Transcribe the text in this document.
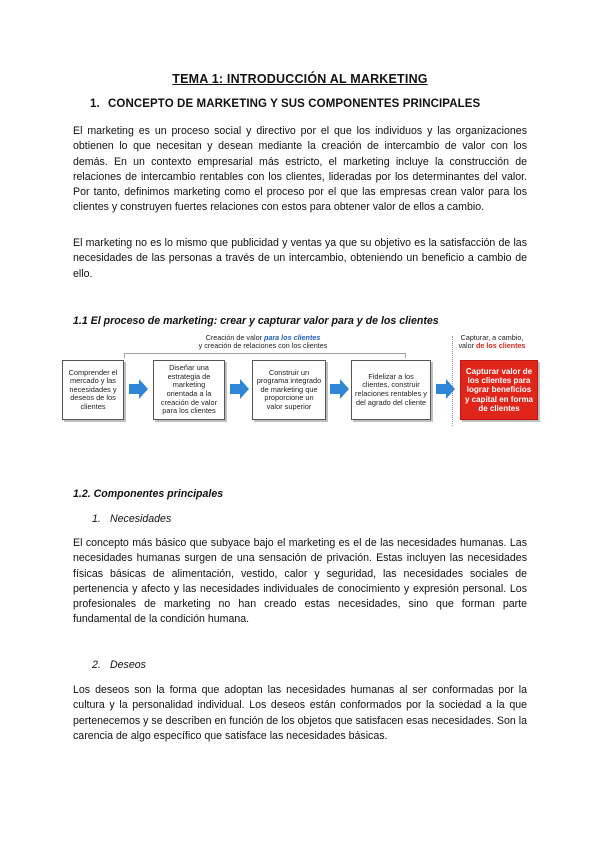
TEMA 1: INTRODUCCIÓN AL MARKETING
1. CONCEPTO DE MARKETING Y SUS COMPONENTES PRINCIPALES

El marketing es un proceso social y directivo por el que los individuos y las organizaciones obtienen lo que necesitan y desean mediante la creación de intercambio de valor con los demás. En un contexto empresarial más estricto, el marketing incluye la construcción de relaciones de intercambio rentables con los clientes, lideradas por los determinantes del valor. Por tanto, definimos marketing como el proceso por el que las empresas crean valor para los clientes y construyen fuertes relaciones con estos para obtener valor de ellos a cambio.

El marketing no es lo mismo que publicidad y ventas ya que su objetivo es la satisfacción de las necesidades de las personas a través de un intercambio, obteniendo un beneficio a cambio de ello.

1.1 El proceso de marketing: crear y capturar valor para y de los clientes
Creación de valor para los clientes
y creación de relaciones con los clientes
Capturar, a cambio,
valor de los clientes
Comprender el mercado y las necesidades y deseos de los clientes
Diseñar una estrategia de marketing orientada a la creación de valor para los clientes
Construir un programa integrado de marketing que proporcione un valor superior
Fidelizar a los clientes, construir relaciones rentables y del agrado del cliente
Capturar valor de los clientes para lograr beneficios y capital en forma de clientes
1.2. Componentes principales
1. Necesidades

El concepto más básico que subyace bajo el marketing es el de las necesidades humanas. Las necesidades humanas surgen de una sensación de privación. Estas incluyen las necesidades físicas básicas de alimentación, vestido, calor y seguridad, las necesidades sociales de pertenencia y afecto y las necesidades individuales de conocimiento y expresión personal. Los profesionales de marketing no han creado estas necesidades, sino que forman parte fundamental de la condición humana.

2. Deseos

Los deseos son la forma que adoptan las necesidades humanas al ser conformadas por la cultura y la personalidad individual. Los deseos están conformados por la sociedad a la que pertenecemos y se describen en función de los objetos que satisfacen esas necesidades. Son la carencia de algo específico que satisface las necesidades básicas.
